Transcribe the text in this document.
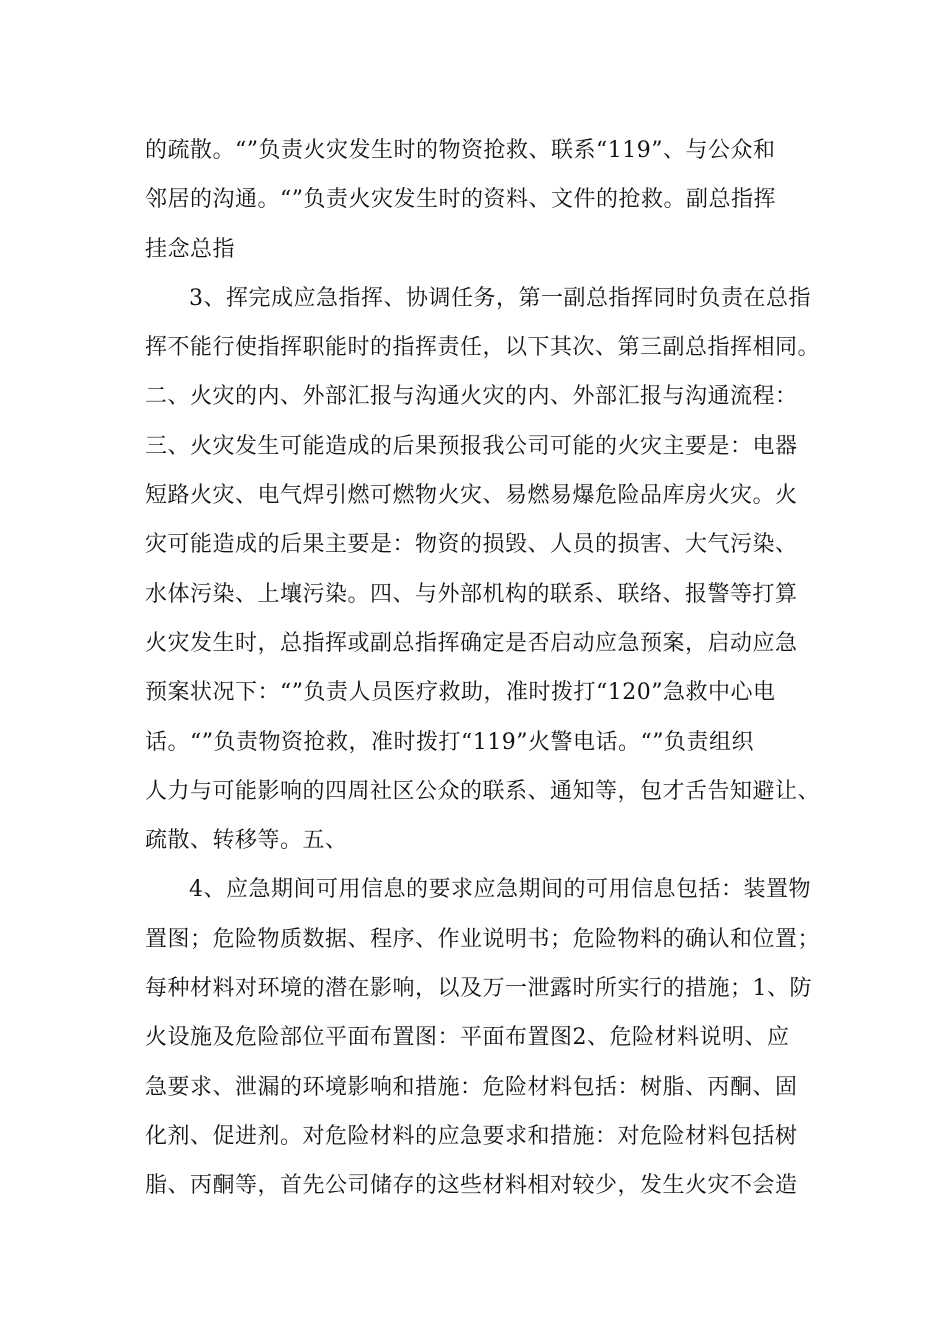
的疏散。“”负责火灾发生时的物资抢救、联系“119”、与公众和
邻居的沟通。“”负责火灾发生时的资料、文件的抢救。副总指挥
挂念总指
3、挥完成应急指挥、协调任务，第一副总指挥同时负责在总指
挥不能行使指挥职能时的指挥责任，以下其次、第三副总指挥相同。
二、火灾的内、外部汇报与沟通火灾的内、外部汇报与沟通流程：
三、火灾发生可能造成的后果预报我公司可能的火灾主要是：电器
短路火灾、电气焊引燃可燃物火灾、易燃易爆危险品库房火灾。火
灾可能造成的后果主要是：物资的损毁、人员的损害、大气污染、
水体污染、上壤污染。四、与外部机构的联系、联络、报警等打算
火灾发生时，总指挥或副总指挥确定是否启动应急预案，启动应急
预案状况下：“”负责人员医疗救助，准时拨打“120”急救中心电
话。“”负责物资抢救，准时拨打“119”火警电话。“”负责组织
人力与可能影响的四周社区公众的联系、通知等，包才舌告知避让、
疏散、转移等。五、
4、应急期间可用信息的要求应急期间的可用信息包括：装置物
置图；危险物质数据、程序、作业说明书；危险物料的确认和位置；
每种材料对环境的潜在影响，以及万一泄露时所实行的措施；1、防
火设施及危险部位平面布置图：平面布置图2、危险材料说明、应
急要求、泄漏的环境影响和措施：危险材料包括：树脂、丙酮、固
化剂、促进剂。对危险材料的应急要求和措施：对危险材料包括树
脂、丙酮等，首先公司储存的这些材料相对较少，发生火灾不会造
